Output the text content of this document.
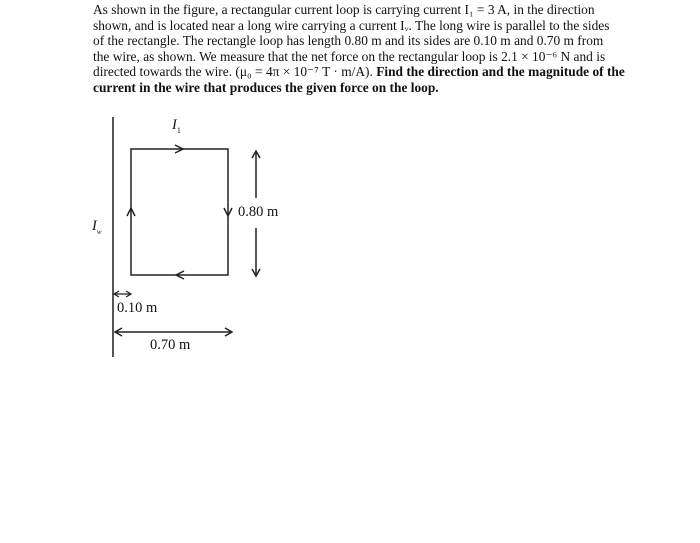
As shown in the figure, a rectangular current loop is carrying current I₁ = 3 A, in the direction
shown, and is located near a long wire carrying a current Iᵥ. The long wire is parallel to the sides
of the rectangle. The rectangle loop has length 0.80 m and its sides are 0.10 m and 0.70 m from
the wire, as shown. We measure that the net force on the rectangular loop is 2.1 × 10⁻⁶ N and is
directed towards the wire. (μ₀ = 4π × 10⁻⁷ T · m/A). Find the direction and the magnitude of the
current in the wire that produces the given force on the loop.
$I_1$
$I_w$
0.80 m
0.10 m
0.70 m
